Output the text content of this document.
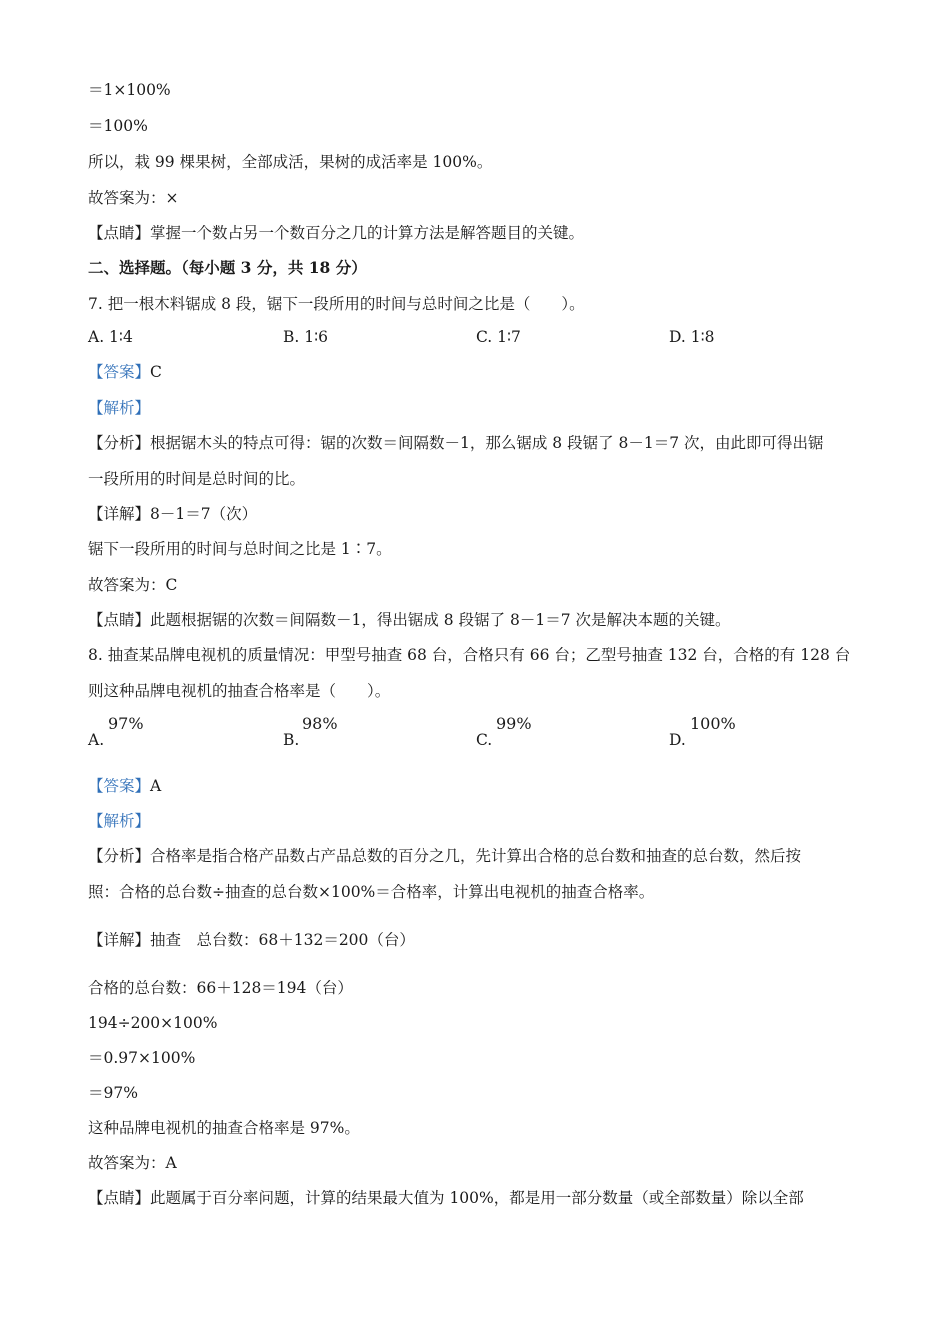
＝1×100%
＝100%
所以，栽 99 棵果树，全部成活，果树的成活率是 100%。
故答案为：×
【点睛】掌握一个数占另一个数百分之几的计算方法是解答题目的关键。
二、选择题。（每小题 3 分，共 18 分）
7. 把一根木料锯成 8 段，锯下一段所用的时间与总时间之比是（　　）。
A. 1∶4	B. 1∶6	C. 1∶7	D. 1∶8
【答案】C
【解析】
【分析】根据锯木头的特点可得：锯的次数＝间隔数－1，那么锯成 8 段锯了 8－1＝7 次，由此即可得出锯
一段所用的时间是总时间的比。
【详解】8－1＝7（次）
锯下一段所用的时间与总时间之比是 1∶7。
故答案为：C
【点睛】此题根据锯的次数＝间隔数－1，得出锯成 8 段锯了 8－1＝7 次是解决本题的关键。
8. 抽查某品牌电视机的质量情况：甲型号抽查 68 台，合格只有 66 台；乙型号抽查 132 台，合格的有 128 台
则这种品牌电视机的抽查合格率是（　　）。
A.
97%
B.
98%
C.
99%
D.
100%
【答案】A
【解析】
【分析】合格率是指合格产品数占产品总数的百分之几，先计算出合格的总台数和抽查的总台数，然后按
照：合格的总台数÷抽查的总台数×100%＝合格率，计算出电视机的抽查合格率。
【详解】抽查　总台数：68＋132＝200（台）
合格的总台数：66＋128＝194（台）
194÷200×100%
＝0.97×100%
＝97%
这种品牌电视机的抽查合格率是 97%。
故答案为：A
【点睛】此题属于百分率问题，计算的结果最大值为 100%，都是用一部分数量（或全部数量）除以全部
